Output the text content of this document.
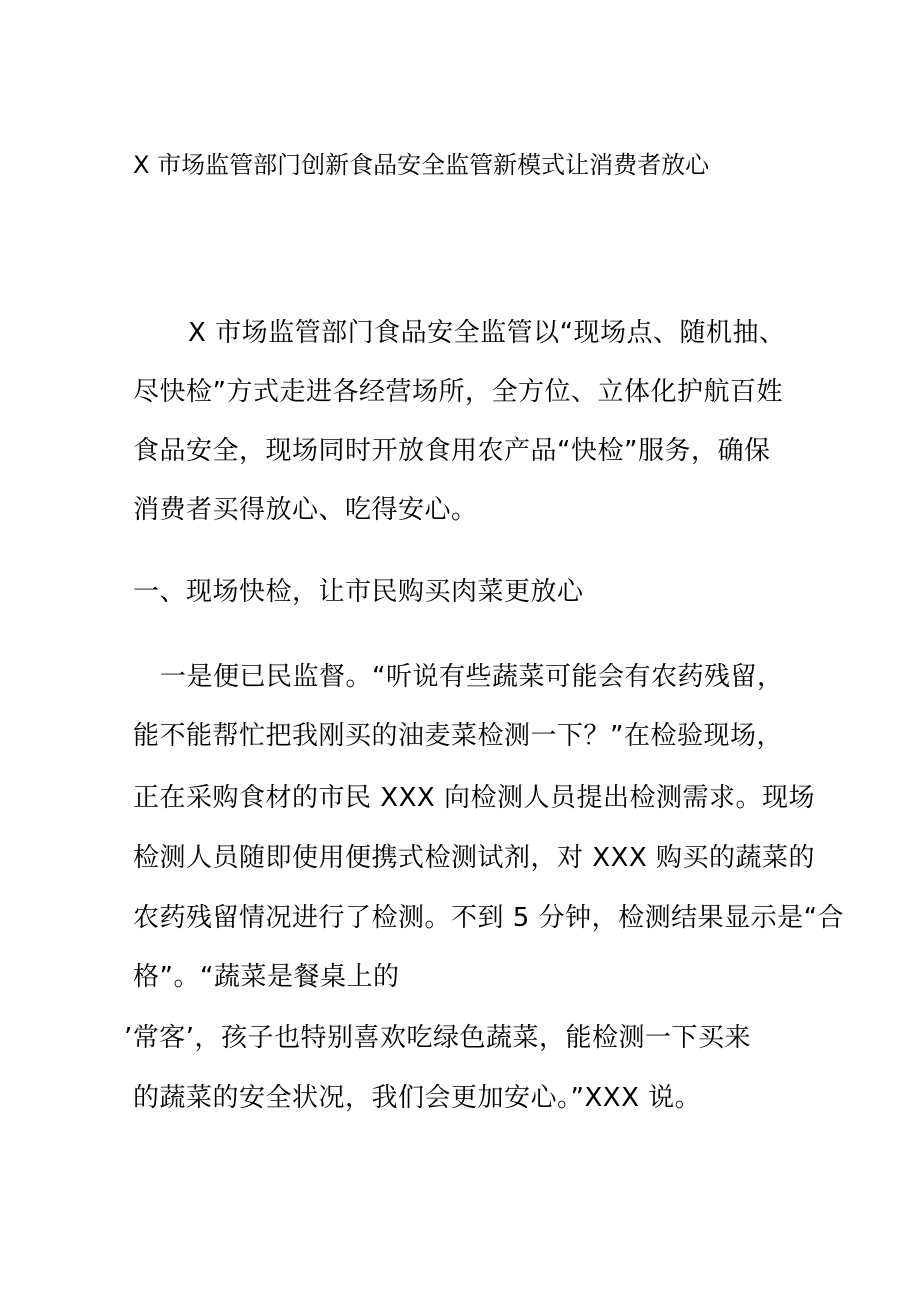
X 市场监管部门创新食品安全监管新模式让消费者放心
X 市场监管部门食品安全监管以“现场点、随机抽、
尽快检”方式走进各经营场所，全方位、立体化护航百姓
食品安全，现场同时开放食用农产品“快检”服务，确保
消费者买得放心、吃得安心。
一、现场快检，让市民购买肉菜更放心
一是便已民监督。“听说有些蔬菜可能会有农药残留，
能不能帮忙把我刚买的油麦菜检测一下？”在检验现场，
正在采购食材的市民 XXX 向检测人员提出检测需求。现场
检测人员随即使用便携式检测试剂，对 XXX 购买的蔬菜的
农药残留情况进行了检测。不到 5 分钟，检测结果显示是“合
格”。“蔬菜是餐桌上的
’常客’，孩子也特别喜欢吃绿色蔬菜，能检测一下买来
的蔬菜的安全状况，我们会更加安心。”XXX 说。
